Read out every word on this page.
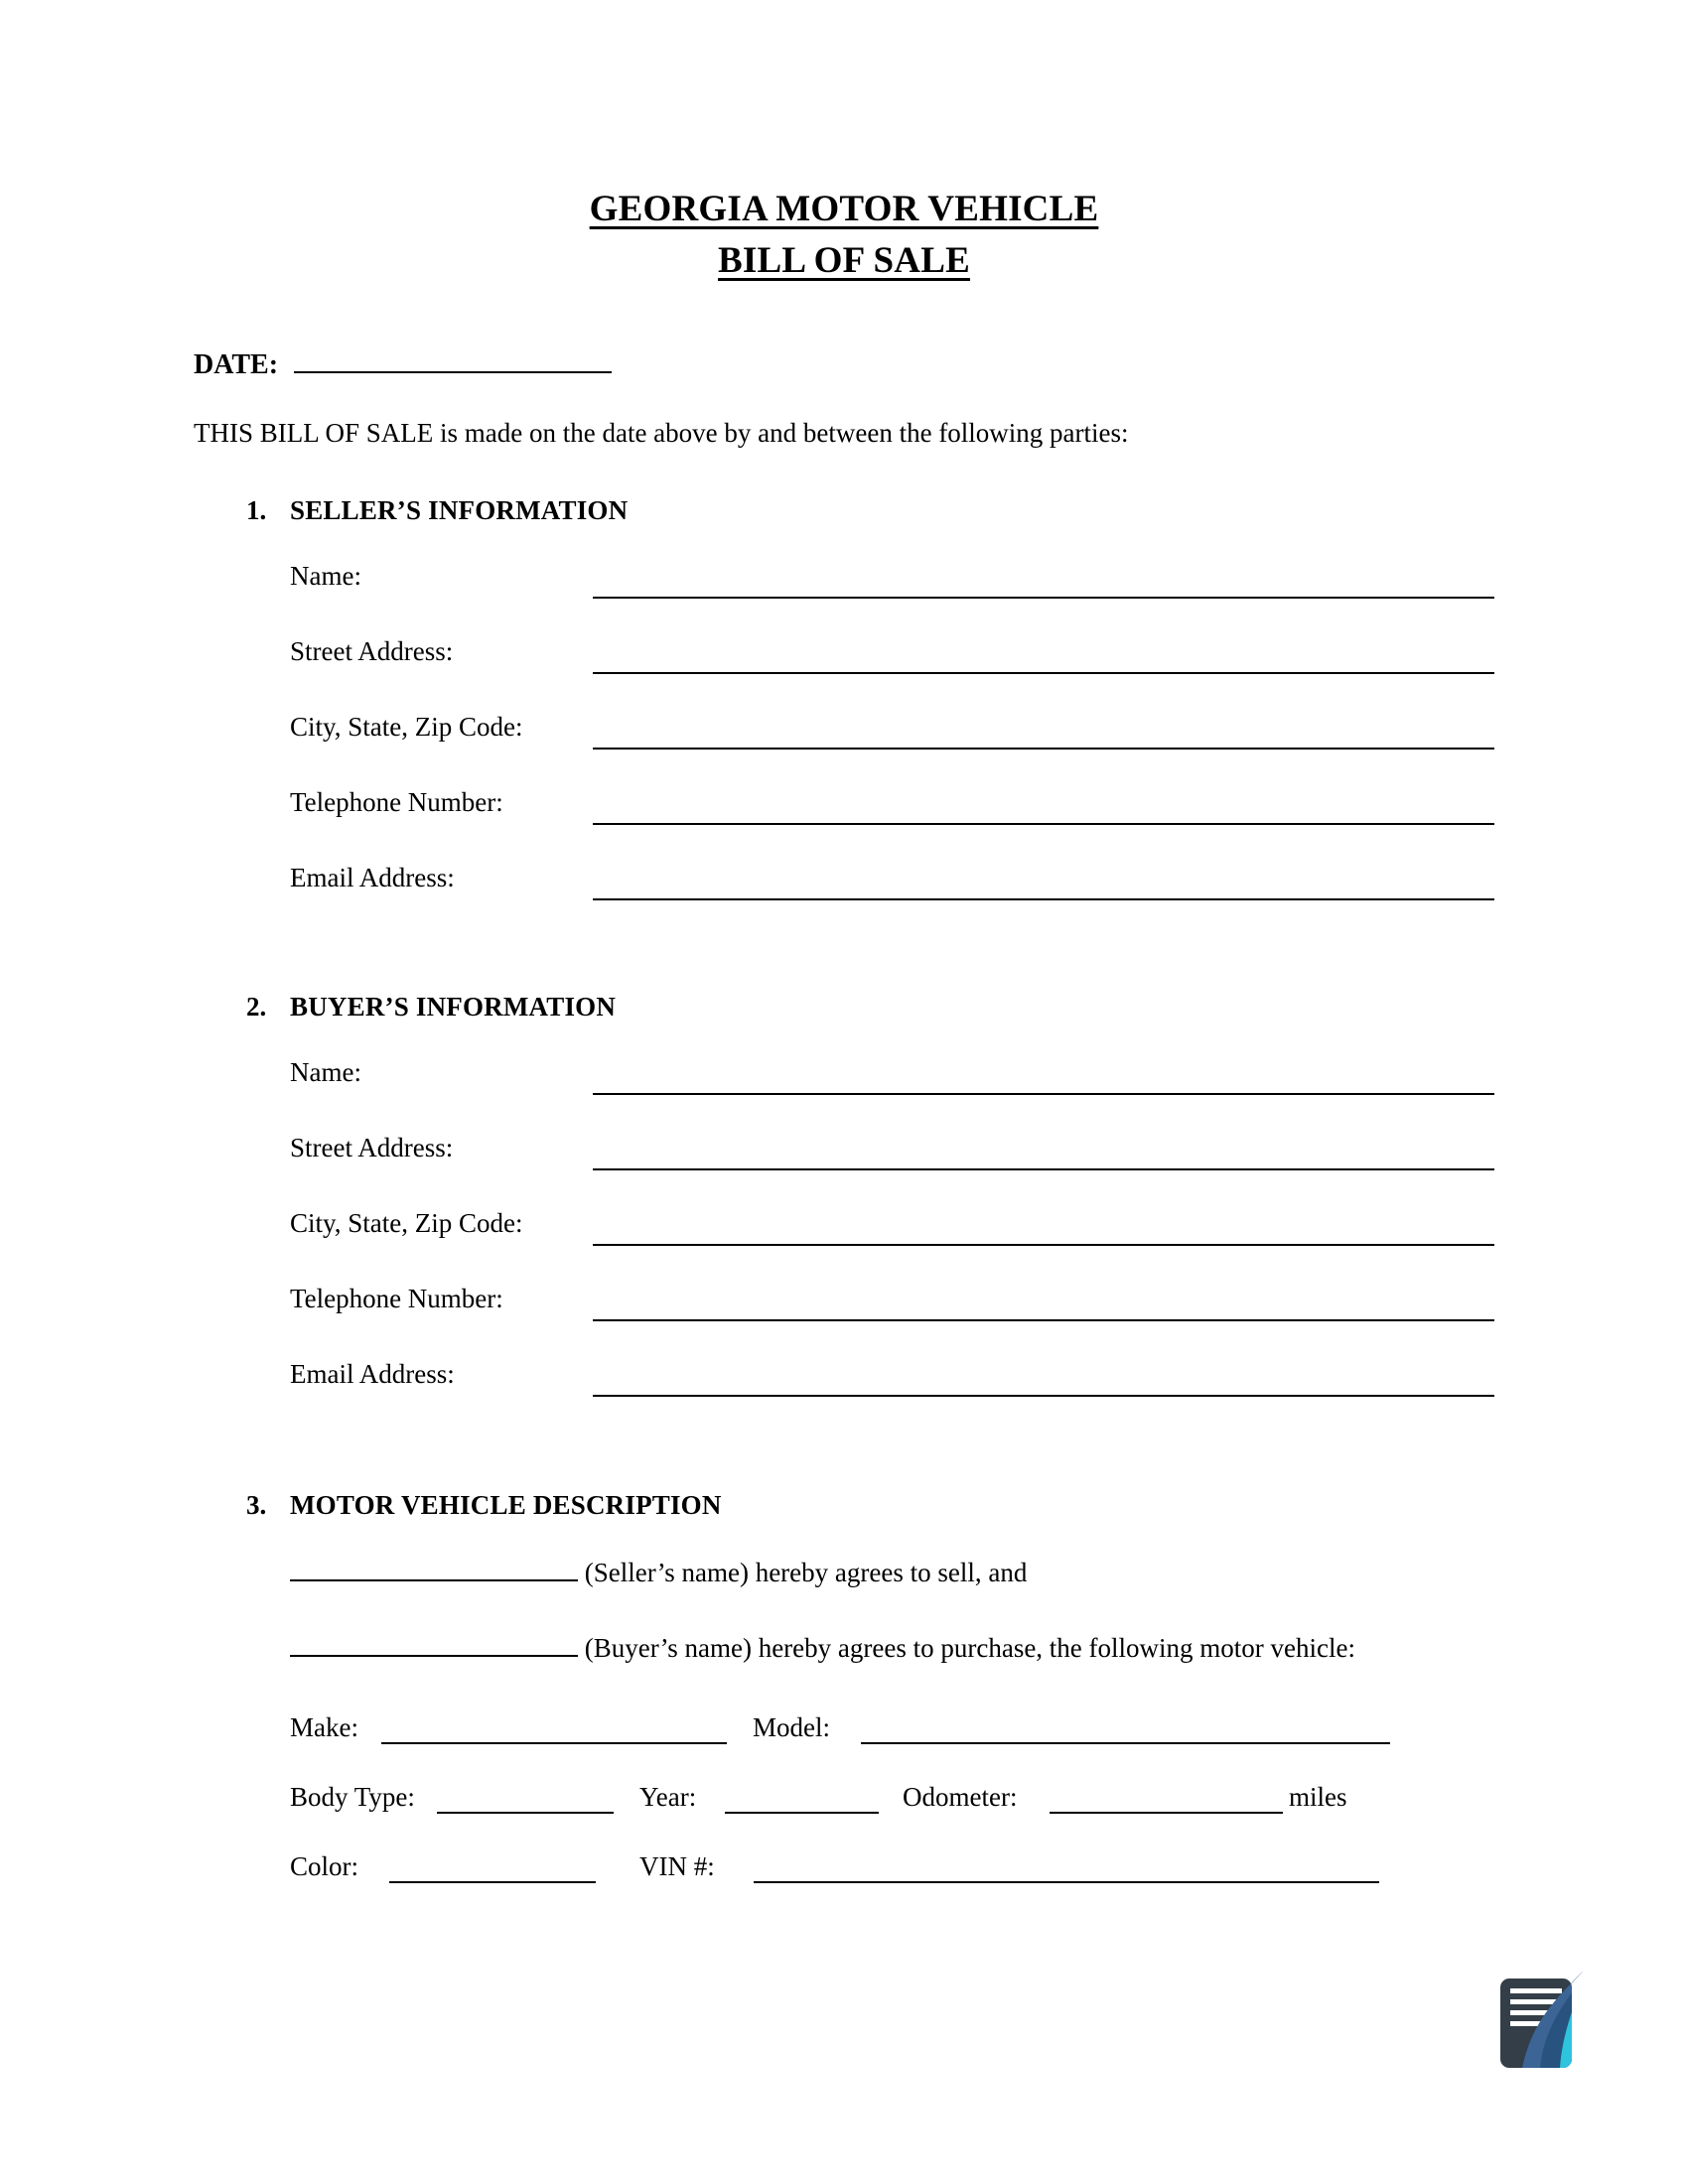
GEORGIA MOTOR VEHICLE
BILL OF SALE
DATE:
THIS BILL OF SALE is made on the date above by and between the following parties:
1. SELLER’S INFORMATION
Name:
Street Address:
City, State, Zip Code:
Telephone Number:
Email Address:
2. BUYER’S INFORMATION
Name:
Street Address:
City, State, Zip Code:
Telephone Number:
Email Address:
3. MOTOR VEHICLE DESCRIPTION
(Seller’s name) hereby agrees to sell, and
(Buyer’s name) hereby agrees to purchase, the following motor vehicle:
Make:	Model:
Body Type:	Year:	Odometer:	miles
Color:	VIN #:
